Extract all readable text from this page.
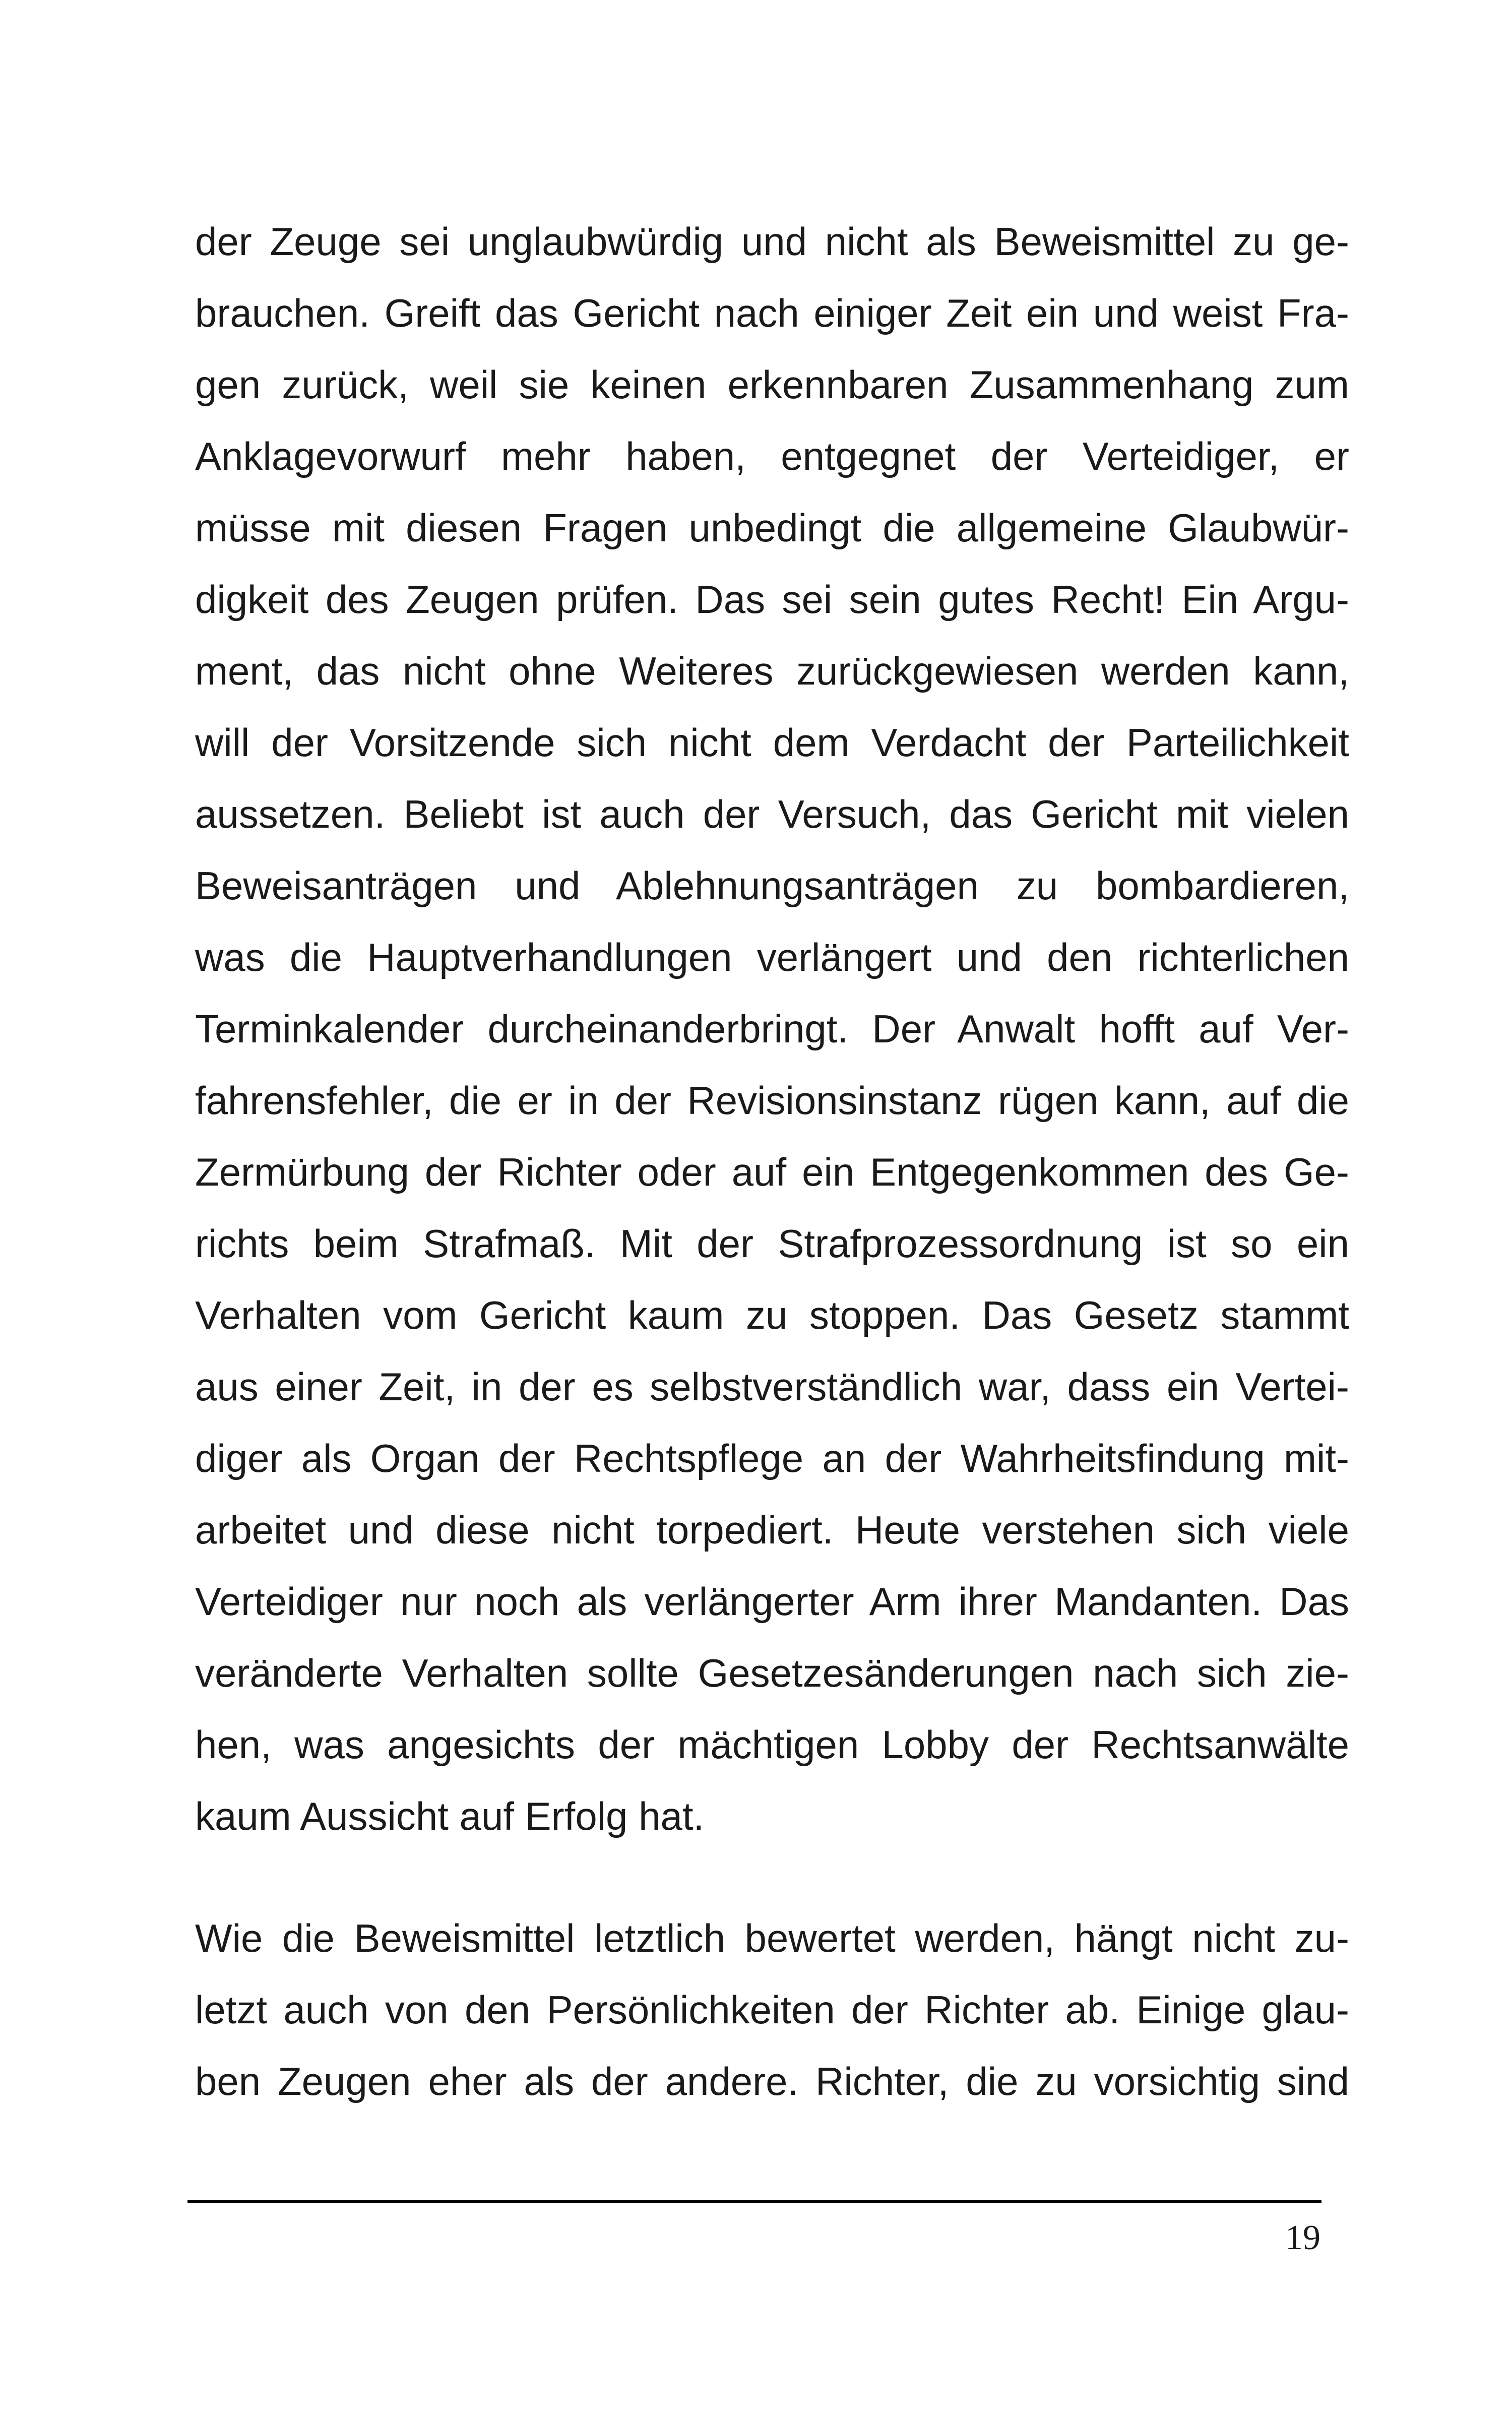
der Zeuge sei unglaubwürdig und nicht als Beweismittel zu ge-
brauchen. Greift das Gericht nach einiger Zeit ein und weist Fra-
gen zurück, weil sie keinen erkennbaren Zusammenhang zum
Anklagevorwurf mehr haben, entgegnet der Verteidiger, er
müsse mit diesen Fragen unbedingt die allgemeine Glaubwür-
digkeit des Zeugen prüfen. Das sei sein gutes Recht! Ein Argu-
ment, das nicht ohne Weiteres zurückgewiesen werden kann,
will der Vorsitzende sich nicht dem Verdacht der Parteilichkeit
aussetzen. Beliebt ist auch der Versuch, das Gericht mit vielen
Beweisanträgen und Ablehnungsanträgen zu bombardieren,
was die Hauptverhandlungen verlängert und den richterlichen
Terminkalender durcheinanderbringt. Der Anwalt hofft auf Ver-
fahrensfehler, die er in der Revisionsinstanz rügen kann, auf die
Zermürbung der Richter oder auf ein Entgegenkommen des Ge-
richts beim Strafmaß. Mit der Strafprozessordnung ist so ein
Verhalten vom Gericht kaum zu stoppen. Das Gesetz stammt
aus einer Zeit, in der es selbstverständlich war, dass ein Vertei-
diger als Organ der Rechtspflege an der Wahrheitsfindung mit-
arbeitet und diese nicht torpediert. Heute verstehen sich viele
Verteidiger nur noch als verlängerter Arm ihrer Mandanten. Das
veränderte Verhalten sollte Gesetzesänderungen nach sich zie-
hen, was angesichts der mächtigen Lobby der Rechtsanwälte
kaum Aussicht auf Erfolg hat.
Wie die Beweismittel letztlich bewertet werden, hängt nicht zu-
letzt auch von den Persönlichkeiten der Richter ab. Einige glau-
ben Zeugen eher als der andere. Richter, die zu vorsichtig sind
19
